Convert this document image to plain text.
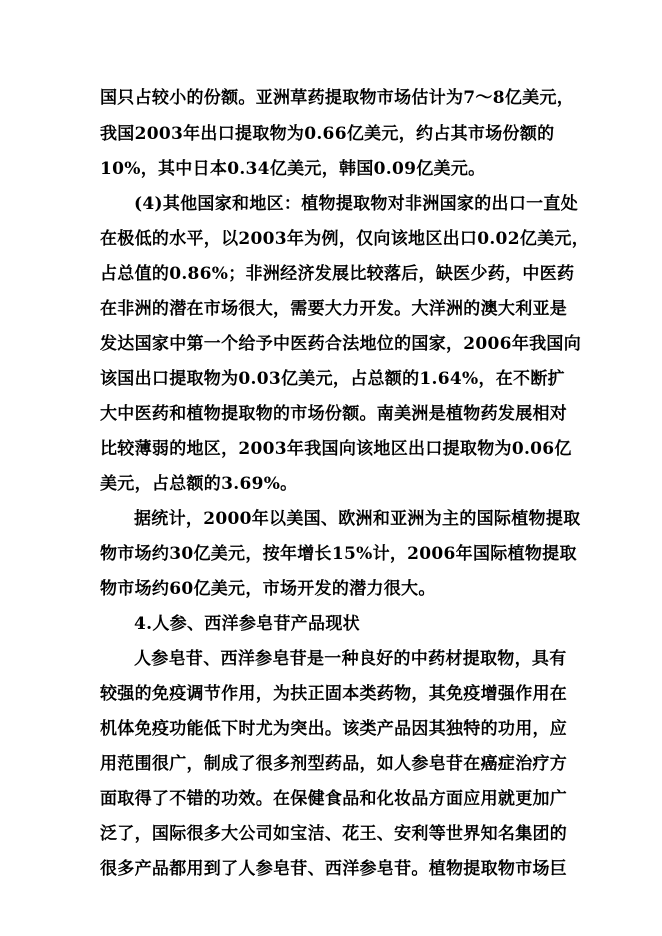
国只占较小的份额。亚洲草药提取物市场估计为7～8亿美元，
我国2003年出口提取物为0.66亿美元，约占其市场份额的
10%，其中日本0.34亿美元，韩国0.09亿美元。
(4)其他国家和地区：植物提取物对非洲国家的出口一直处
在极低的水平，以2003年为例，仅向该地区出口0.02亿美元，
占总值的0.86%；非洲经济发展比较落后，缺医少药，中医药
在非洲的潜在市场很大，需要大力开发。大洋洲的澳大利亚是
发达国家中第一个给予中医药合法地位的国家，2006年我国向
该国出口提取物为0.03亿美元，占总额的1.64%，在不断扩
大中医药和植物提取物的市场份额。南美洲是植物药发展相对
比较薄弱的地区，2003年我国向该地区出口提取物为0.06亿
美元，占总额的3.69%。
据统计，2000年以美国、欧洲和亚洲为主的国际植物提取
物市场约30亿美元，按年增长15%计，2006年国际植物提取
物市场约60亿美元，市场开发的潜力很大。
4.人参、西洋参皂苷产品现状
人参皂苷、西洋参皂苷是一种良好的中药材提取物，具有
较强的免疫调节作用，为扶正固本类药物，其免疫增强作用在
机体免疫功能低下时尤为突出。该类产品因其独特的功用，应
用范围很广，制成了很多剂型药品，如人参皂苷在癌症治疗方
面取得了不错的功效。在保健食品和化妆品方面应用就更加广
泛了，国际很多大公司如宝洁、花王、安利等世界知名集团的
很多产品都用到了人参皂苷、西洋参皂苷。植物提取物市场巨
